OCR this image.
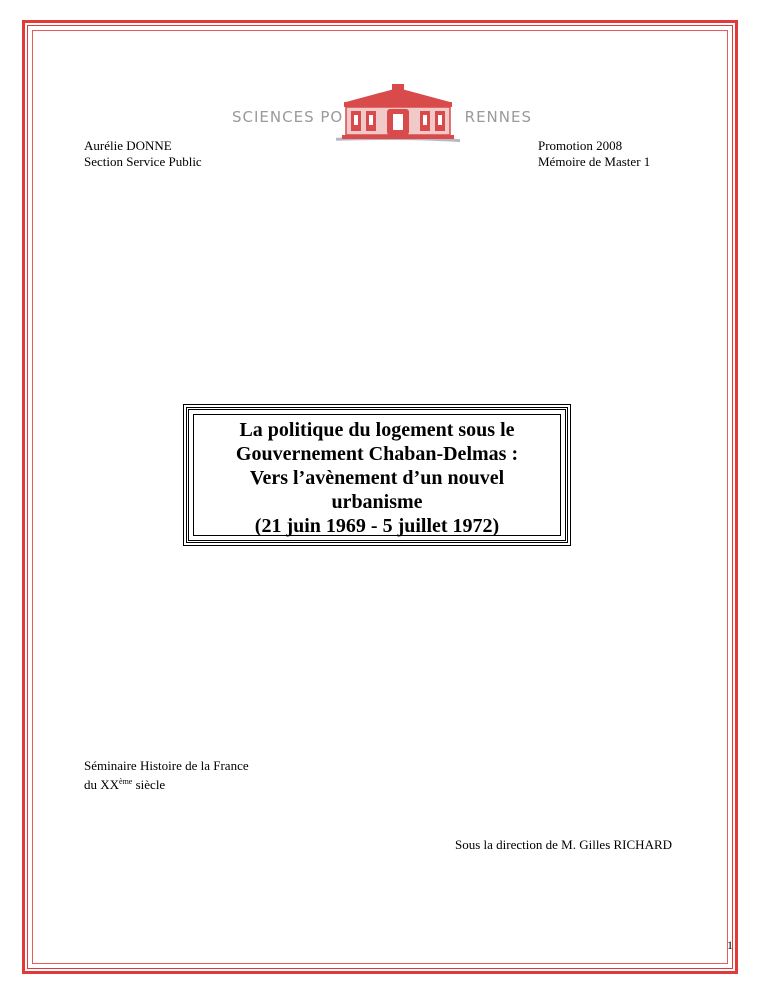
SCIENCES PO	RENNES
Aurélie DONNE
Section Service Public
Promotion 2008
Mémoire de Master 1
La politique du logement sous le
Gouvernement Chaban-Delmas :
Vers l’avènement d’un nouvel
urbanisme
(21 juin 1969 - 5 juillet 1972)
Séminaire Histoire de la France
du XXème siècle
Sous la direction de M. Gilles RICHARD
1
